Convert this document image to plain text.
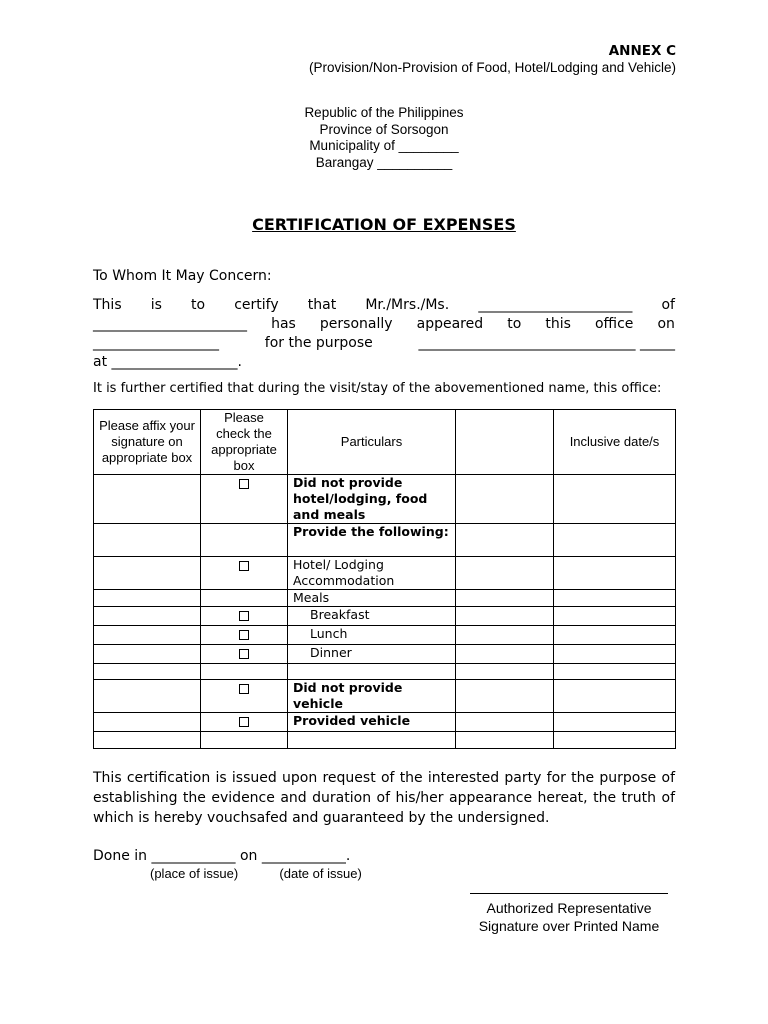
ANNEX C
(Provision/Non-Provision of Food, Hotel/Lodging and Vehicle)
Republic of the Philippines
Province of Sorsogon
Municipality of ________
Barangay __________
CERTIFICATION OF EXPENSES
To Whom It May Concern:
This is to certify that Mr./Mrs./Ms. ______________________ of
______________________ has personally appeared to this office on
__________________	for the purpose	_______________________________ _____
at __________________.
It is further certified that during the visit/stay of the abovementioned name, this office:
Please affix your signature on appropriate box	Please check the appropriate box	Particulars		Inclusive date/s
		Did not provide hotel/lodging, food and meals		
		Provide the following:		
		Hotel/ Lodging Accommodation		
		Meals		
		Breakfast		
		Lunch		
		Dinner		

		Did not provide vehicle		
		Provided vehicle		

This certification is issued upon request of the interested party for the purpose of establishing the evidence and duration of his/her appearance hereat, the truth of which is hereby vouchsafed and guaranteed by the undersigned.
Done in ____________ on ____________.
(place of issue)	(date of issue)
Authorized Representative
Signature over Printed Name
